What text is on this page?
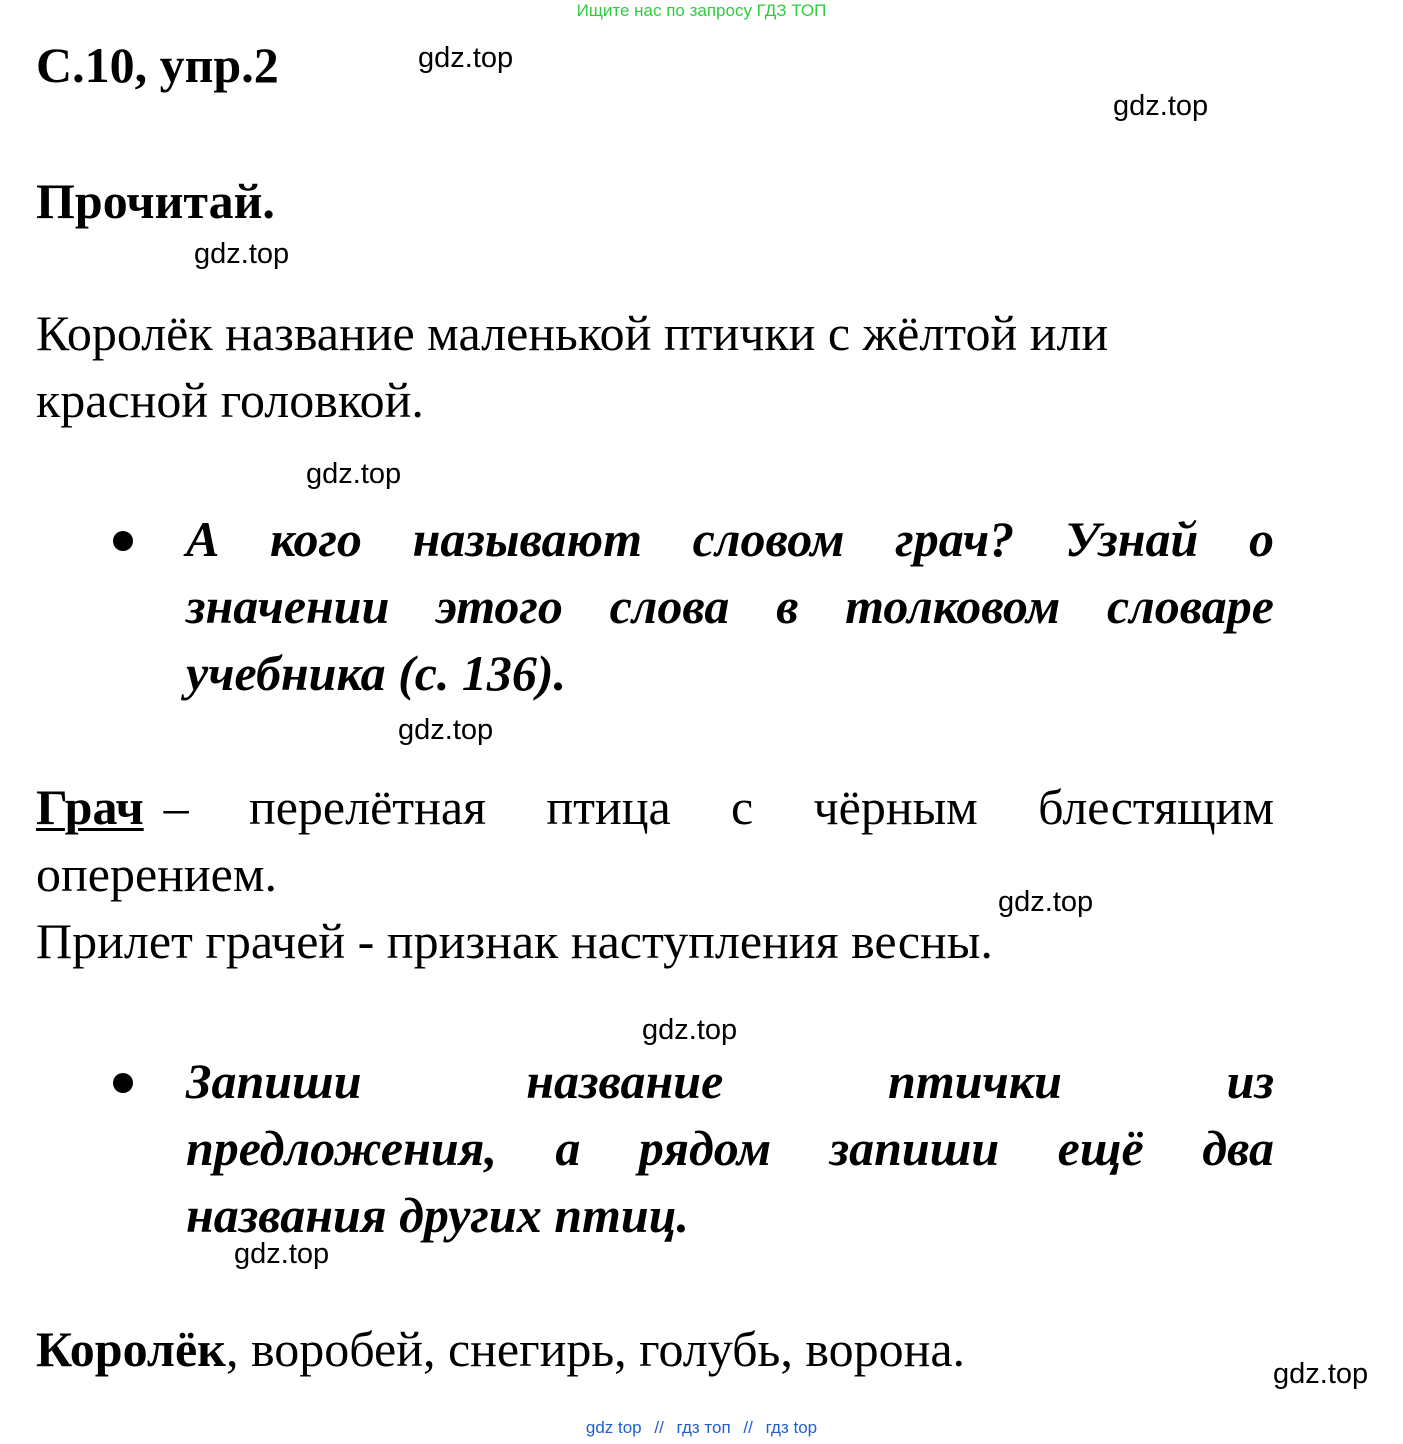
Ищите нас по запросу ГДЗ ТОП
gdz.top
gdz.top
gdz.top
gdz.top
gdz.top
gdz.top
gdz.top
gdz.top
gdz.top
С.10, упр.2
Прочитай.
Королёк название маленькой птички с жёлтой или
красной головкой.
А кого называют словом грач? Узнай о
значении этого слова в толковом словаре
учебника (с. 136).
Грач – перелётная птица с чёрным блестящим
оперением.
Прилет грачей - признак наступления весны.
Запиши название птички из
предложения, а рядом запиши ещё два
названия других птиц.
Королёк, воробей, снегирь, голубь, ворона.
gdz top // гдз топ // гдз top
